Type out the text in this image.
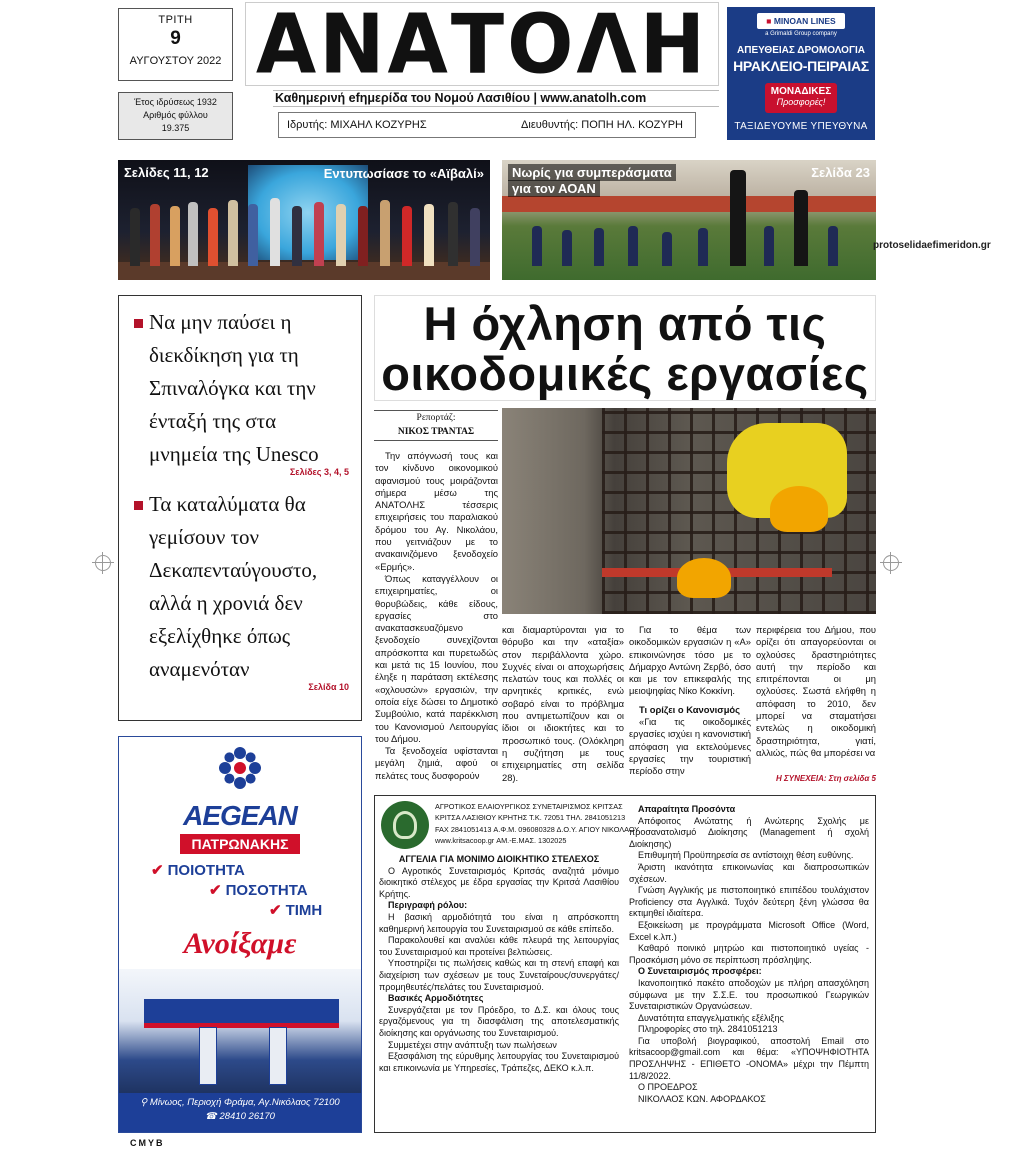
ΤΡΙΤΗ
9
ΑΥΓΟΥΣΤΟΥ 2022
Έτος ιδρύσεως 1932
Αριθμός φύλλου
19.375
ΑΝΑΤΟΛΗ
Καθημερινή efημερίδα του Νομού Λασιθίου | www.anatolh.com
Ιδρυτής: ΜΙΧΑΗΛ ΚΟΖΥΡΗΣ	Διευθυντής: ΠΟΠΗ ΗΛ. ΚΟΖΥΡΗ
■ MINOAN LINES
a Grimaldi Group company
ΑΠΕΥΘΕΙΑΣ ΔΡΟΜΟΛΟΓΙΑ
ΗΡΑΚΛΕΙΟ-ΠΕΙΡΑΙΑΣ
ΜΟΝΑΔΙΚΕΣ
Προσφορές!
ΤΑΞΙΔΕΥΟΥΜΕ ΥΠΕΥΘΥΝΑ
Σελίδες 11, 12	Εντυπωσίασε το «Αϊβαλί»	Νωρίς για συμπεράσματα
για τον ΑΟΑΝ
Σελίδα 23
protoselidaefimeridon.gr
Να μην παύσει η διεκδίκηση για τη Σπιναλόγκα και την ένταξή της στα μνημεία της Unesco
Σελίδες 3, 4, 5
Τα καταλύματα θα γεμίσουν τον Δεκαπενταύγουστο, αλλά η χρονιά δεν εξελίχθηκε όπως αναμενόταν
Σελίδα 10
Η όχληση από τις
οικοδομικές εργασίες
Ρεπορτάζ:
ΝΙΚΟΣ ΤΡΑΝΤΑΣ

Την απόγνωσή τους και τον κίνδυνο οικονομικού αφανισμού τους μοιράζονται σήμερα μέσω της ΑΝΑΤΟΛΗΣ τέσσερις επιχειρήσεις του παραλιακού δρόμου του Αγ. Νικολάου, που γειτνιάζουν με το ανακαινιζόμενο ξενοδοχείο «Ερμής».

Όπως καταγγέλλουν οι επιχειρηματίες, οι θορυβώδεις, κάθε είδους, εργασίες στο ανακατασκευαζόμενο ξενοδοχείο συνεχίζονται απρόσκοπτα και πυρετωδώς και μετά τις 15 Ιουνίου, που έληξε η παράταση εκτέλεσης «οχλουσών» εργασιών, την οποία είχε δώσει το Δημοτικό Συμβούλιο, κατά παρέκκλιση του Κανονισμού Λειτουργίας του Δήμου.

Τα ξενοδοχεία υφίστανται μεγάλη ζημιά, αφού οι πελάτες τους δυσφορούν

και διαμαρτύρονται για το θόρυβο και την «αταξία» στον περιβάλλοντα χώρο. Συχνές είναι οι αποχωρήσεις πελατών τους και πολλές οι αρνητικές κριτικές, ενώ σοβαρό είναι το πρόβλημα που αντιμετωπίζουν και οι ίδιοι οι ιδιοκτήτες και το προσωπικό τους. (Ολόκληρη η συζήτηση με τους επιχειρηματίες στη σελίδα 28).

Για το θέμα των οικοδομικών εργασιών η «Α» επικοινώνησε τόσο με το Δήμαρχο Αντώνη Ζερβό, όσο και με τον επικεφαλής της μειοψηφίας Νίκο Κοκκίνη.

Τι ορίζει ο Κανονισμός

«Για τις οικοδομικές εργασίες ισχύει η κανονιστική απόφαση για εκτελούμενες εργασίες την τουριστική περίοδο στην

περιφέρεια του Δήμου, που ορίζει ότι απαγορεύονται οι οχλούσες δραστηριότητες αυτή την περίοδο και επιτρέπονται οι μη οχλούσες. Σωστά ελήφθη η απόφαση το 2010, δεν μπορεί να σταματήσει εντελώς η οικοδομική δραστηριότητα, γιατί, αλλιώς, πώς θα μπορέσει να

Η ΣΥΝΕΧΕΙΑ: Στη σελίδα 5
AEGEAN
ΠΑΤΡΩΝΑΚΗΣ
✔ ΠΟΙΟΤΗΤΑ
✔ ΠΟΣΟΤΗΤΑ
✔ ΤΙΜΗ
Ανοίξαμε
⚲ Μίνωος, Περιοχή Φράμα, Αγ.Νικόλαος 72100
☎ 28410 26170
ΑΓΡΟΤΙΚΟΣ ΕΛΑΙΟΥΡΓΙΚΟΣ ΣΥΝΕΤΑΙΡΙΣΜΟΣ ΚΡΙΤΣΑΣ
ΚΡΙΤΣΑ ΛΑΣΙΘΙΟΥ ΚΡΗΤΗΣ Τ.Κ. 72051 ΤΗΛ. 2841051213
FAX 2841051413 Α.Φ.Μ. 096080328 Δ.Ο.Υ. ΑΓΙΟΥ ΝΙΚΟΛΑΟΥ
www.kritsacoop.gr ΑΜ.-Ε.ΜΑΣ. 1302025

ΑΓΓΕΛΙΑ ΓΙΑ ΜΟΝΙΜΟ ΔΙΟΙΚΗΤΙΚΟ ΣΤΕΛΕΧΟΣ

Ο Αγροτικός Συνεταιρισμός Κριτσάς αναζητά μόνιμο διοικητικό στέλεχος με έδρα εργασίας την Κριτσά Λασιθίου Κρήτης.

Περιγραφή ρόλου:

Η βασική αρμοδιότητά του είναι η απρόσκοπτη καθημερινή λειτουργία του Συνεταιρισμού σε κάθε επίπεδο.

Παρακολουθεί και αναλύει κάθε πλευρά της λειτουργίας του Συνεταιρισμού και προτείνει βελτιώσεις.

Υποστηρίζει τις πωλήσεις καθώς και τη στενή επαφή και διαχείριση των σχέσεων με τους Συνεταίρους/συνεργάτες/προμηθευτές/πελάτες του Συνεταιρισμού.

Βασικές Αρμοδιότητες

Συνεργάζεται με τον Πρόεδρο, το Δ.Σ. και όλους τους εργαζόμενους για τη διασφάλιση της αποτελεσματικής διοίκησης και οργάνωσης του Συνεταιρισμού.

Συμμετέχει στην ανάπτυξη των πωλήσεων

Εξασφάλιση της εύρυθμης λειτουργίας του Συνεταιρισμού και επικοινωνία με Υπηρεσίες, Τράπεζες, ΔΕΚΟ κ.λ.π.

Απαραίτητα Προσόντα

Απόφοιτος Ανώτατης ή Ανώτερης Σχολής με προσανατολισμό Διοίκησης (Management ή σχολή Διοίκησης)

Επιθυμητή Προϋπηρεσία σε αντίστοιχη θέση ευθύνης.

Άριστη ικανότητα επικοινωνίας και διαπροσωπικών σχέσεων.

Γνώση Αγγλικής με πιστοποιητικό επιπέδου τουλάχιστον Proficiency στα Αγγλικά. Τυχόν δεύτερη ξένη γλώσσα θα εκτιμηθεί ιδιαίτερα.

Εξοικείωση με προγράμματα Microsoft Office (Word, Excel κ.λπ.)

Καθαρό ποινικό μητρώο και πιστοποιητικό υγείας - Προσκόμιση μόνο σε περίπτωση πρόσληψης.

Ο Συνεταιρισμός προσφέρει:

Ικανοποιητικό πακέτο αποδοχών με πλήρη απασχόληση σύμφωνα με την Σ.Σ.Ε. του προσωπικού Γεωργικών Συνεταιριστικών Οργανώσεων.

Δυνατότητα επαγγελματικής εξέλιξης

Πληροφορίες στο τηλ. 2841051213

Για υποβολή βιογραφικού, αποστολή Email στο kritsacoop@gmail.com και θέμα: «ΥΠΟΨΗΦΙΟΤΗΤΑ ΠΡΟΣΛΗΨΗΣ - ΕΠΙΘΕΤΟ -ΟΝΟΜΑ» μέχρι την Πέμπτη 11/8/2022.

Ο ΠΡΟΕΔΡΟΣ

ΝΙΚΟΛΑΟΣ ΚΩΝ. ΑΦΟΡΔΑΚΟΣ

CMYB
